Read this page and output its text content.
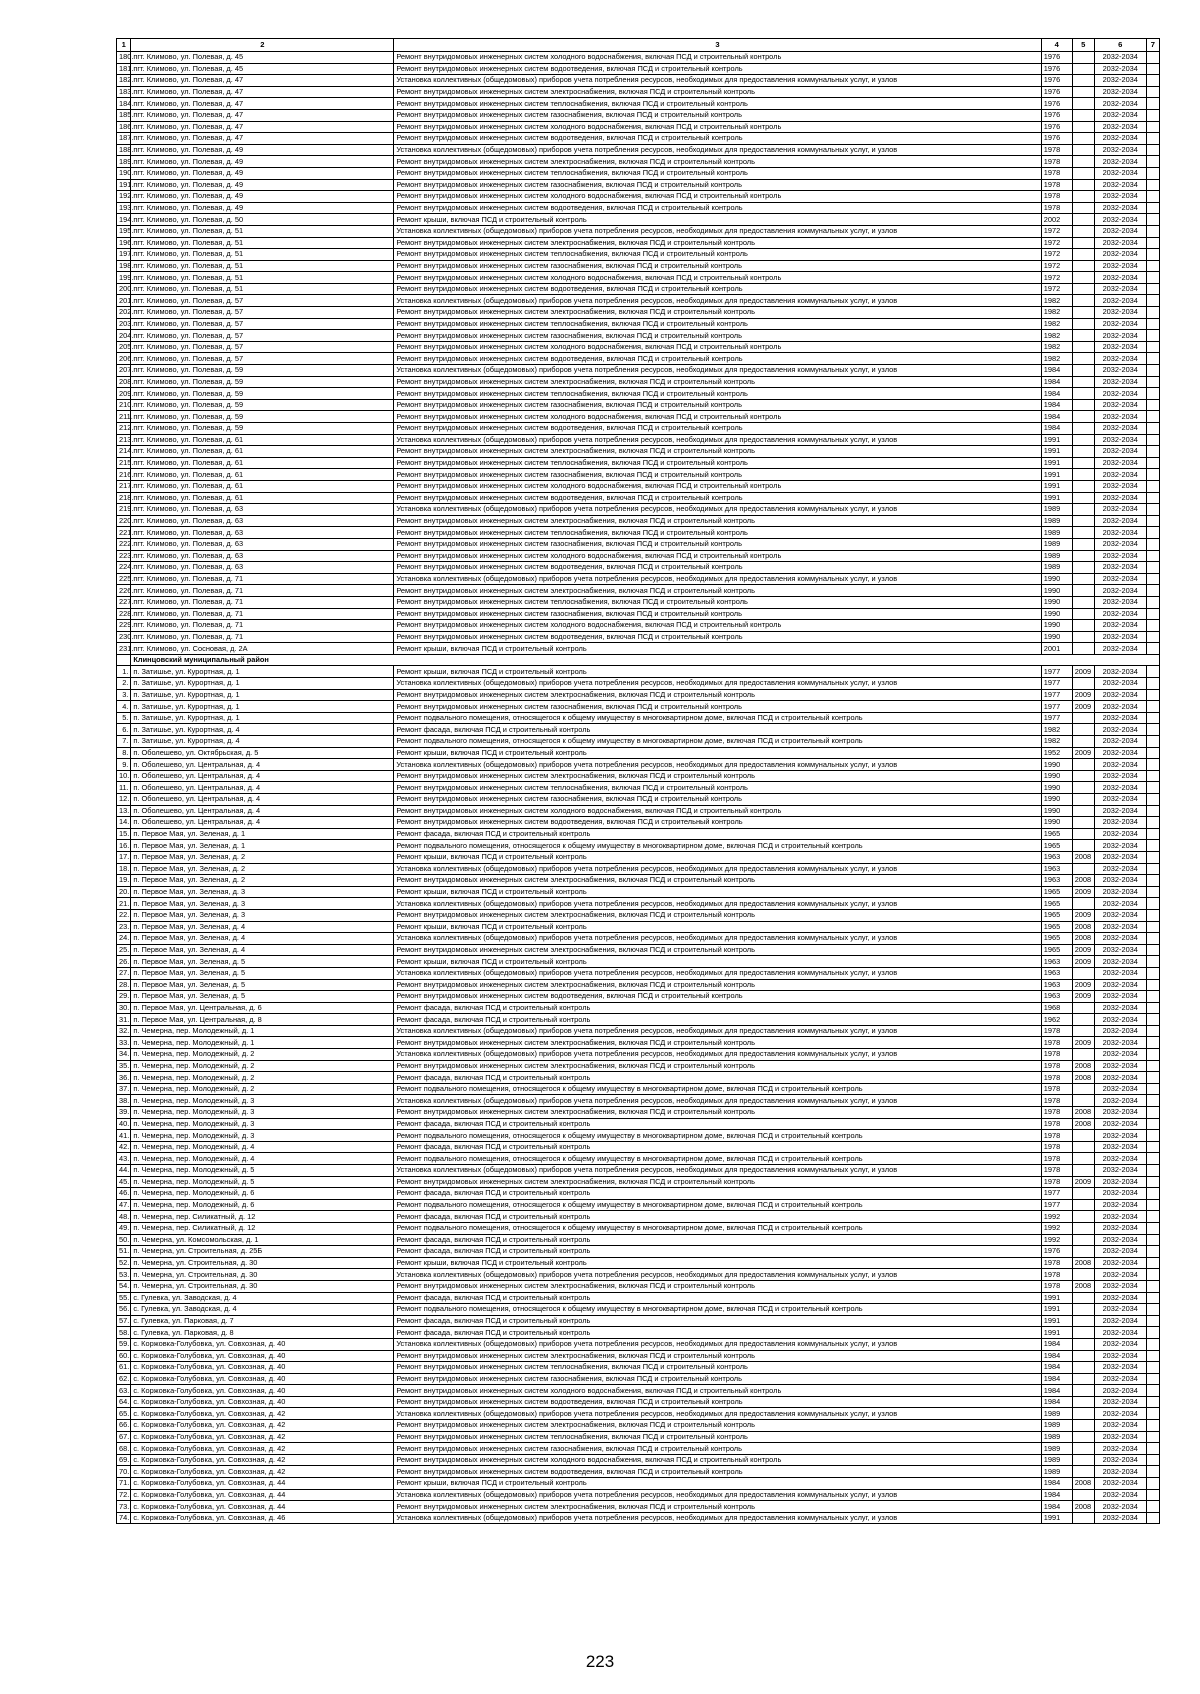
1	2	3	4	5	6	7
180.	пгт. Климово, ул. Полевая, д. 45	Ремонт внутридомовых инженерных систем холодного водоснабжения, включая ПСД и строительный контроль	1976		2032-2034	
181.	пгт. Климово, ул. Полевая, д. 45	Ремонт внутридомовых инженерных систем водоотведения, включая ПСД и строительный контроль	1976		2032-2034	
182.	пгт. Климово, ул. Полевая, д. 47	Установка коллективных (общедомовых) приборов учета потребления ресурсов, необходимых для предоставления коммунальных услуг, и узлов	1976		2032-2034	
183.	пгт. Климово, ул. Полевая, д. 47	Ремонт внутридомовых инженерных систем электроснабжения, включая ПСД и строительный контроль	1976		2032-2034	
184.	пгт. Климово, ул. Полевая, д. 47	Ремонт внутридомовых инженерных систем теплоснабжения, включая ПСД и строительный контроль	1976		2032-2034	
185.	пгт. Климово, ул. Полевая, д. 47	Ремонт внутридомовых инженерных систем газоснабжения, включая ПСД и строительный контроль	1976		2032-2034	
186.	пгт. Климово, ул. Полевая, д. 47	Ремонт внутридомовых инженерных систем холодного водоснабжения, включая ПСД и строительный контроль	1976		2032-2034	
187.	пгт. Климово, ул. Полевая, д. 47	Ремонт внутридомовых инженерных систем водоотведения, включая ПСД и строительный контроль	1976		2032-2034	
188.	пгт. Климово, ул. Полевая, д. 49	Установка коллективных (общедомовых) приборов учета потребления ресурсов, необходимых для предоставления коммунальных услуг, и узлов	1978		2032-2034	
189.	пгт. Климово, ул. Полевая, д. 49	Ремонт внутридомовых инженерных систем электроснабжения, включая ПСД и строительный контроль	1978		2032-2034	
190.	пгт. Климово, ул. Полевая, д. 49	Ремонт внутридомовых инженерных систем теплоснабжения, включая ПСД и строительный контроль	1978		2032-2034	
191.	пгт. Климово, ул. Полевая, д. 49	Ремонт внутридомовых инженерных систем газоснабжения, включая ПСД и строительный контроль	1978		2032-2034	
192.	пгт. Климово, ул. Полевая, д. 49	Ремонт внутридомовых инженерных систем холодного водоснабжения, включая ПСД и строительный контроль	1978		2032-2034	
193.	пгт. Климово, ул. Полевая, д. 49	Ремонт внутридомовых инженерных систем водоотведения, включая ПСД и строительный контроль	1978		2032-2034	
194.	пгт. Климово, ул. Полевая, д. 50	Ремонт крыши, включая ПСД и строительный контроль	2002		2032-2034	
195.	пгт. Климово, ул. Полевая, д. 51	Установка коллективных (общедомовых) приборов учета потребления ресурсов, необходимых для предоставления коммунальных услуг, и узлов	1972		2032-2034	
196.	пгт. Климово, ул. Полевая, д. 51	Ремонт внутридомовых инженерных систем электроснабжения, включая ПСД и строительный контроль	1972		2032-2034	
197.	пгт. Климово, ул. Полевая, д. 51	Ремонт внутридомовых инженерных систем теплоснабжения, включая ПСД и строительный контроль	1972		2032-2034	
198.	пгт. Климово, ул. Полевая, д. 51	Ремонт внутридомовых инженерных систем газоснабжения, включая ПСД и строительный контроль	1972		2032-2034	
199.	пгт. Климово, ул. Полевая, д. 51	Ремонт внутридомовых инженерных систем холодного водоснабжения, включая ПСД и строительный контроль	1972		2032-2034	
200.	пгт. Климово, ул. Полевая, д. 51	Ремонт внутридомовых инженерных систем водоотведения, включая ПСД и строительный контроль	1972		2032-2034	
201.	пгт. Климово, ул. Полевая, д. 57	Установка коллективных (общедомовых) приборов учета потребления ресурсов, необходимых для предоставления коммунальных услуг, и узлов	1982		2032-2034	
202.	пгт. Климово, ул. Полевая, д. 57	Ремонт внутридомовых инженерных систем электроснабжения, включая ПСД и строительный контроль	1982		2032-2034	
203.	пгт. Климово, ул. Полевая, д. 57	Ремонт внутридомовых инженерных систем теплоснабжения, включая ПСД и строительный контроль	1982		2032-2034	
204.	пгт. Климово, ул. Полевая, д. 57	Ремонт внутридомовых инженерных систем газоснабжения, включая ПСД и строительный контроль	1982		2032-2034	
205.	пгт. Климово, ул. Полевая, д. 57	Ремонт внутридомовых инженерных систем холодного водоснабжения, включая ПСД и строительный контроль	1982		2032-2034	
206.	пгт. Климово, ул. Полевая, д. 57	Ремонт внутридомовых инженерных систем водоотведения, включая ПСД и строительный контроль	1982		2032-2034	
207.	пгт. Климово, ул. Полевая, д. 59	Установка коллективных (общедомовых) приборов учета потребления ресурсов, необходимых для предоставления коммунальных услуг, и узлов	1984		2032-2034	
208.	пгт. Климово, ул. Полевая, д. 59	Ремонт внутридомовых инженерных систем электроснабжения, включая ПСД и строительный контроль	1984		2032-2034	
209.	пгт. Климово, ул. Полевая, д. 59	Ремонт внутридомовых инженерных систем теплоснабжения, включая ПСД и строительный контроль	1984		2032-2034	
210.	пгт. Климово, ул. Полевая, д. 59	Ремонт внутридомовых инженерных систем газоснабжения, включая ПСД и строительный контроль	1984		2032-2034	
211.	пгт. Климово, ул. Полевая, д. 59	Ремонт внутридомовых инженерных систем холодного водоснабжения, включая ПСД и строительный контроль	1984		2032-2034	
212.	пгт. Климово, ул. Полевая, д. 59	Ремонт внутридомовых инженерных систем водоотведения, включая ПСД и строительный контроль	1984		2032-2034	
213.	пгт. Климово, ул. Полевая, д. 61	Установка коллективных (общедомовых) приборов учета потребления ресурсов, необходимых для предоставления коммунальных услуг, и узлов	1991		2032-2034	
214.	пгт. Климово, ул. Полевая, д. 61	Ремонт внутридомовых инженерных систем электроснабжения, включая ПСД и строительный контроль	1991		2032-2034	
215.	пгт. Климово, ул. Полевая, д. 61	Ремонт внутридомовых инженерных систем теплоснабжения, включая ПСД и строительный контроль	1991		2032-2034	
216.	пгт. Климово, ул. Полевая, д. 61	Ремонт внутридомовых инженерных систем газоснабжения, включая ПСД и строительный контроль	1991		2032-2034	
217.	пгт. Климово, ул. Полевая, д. 61	Ремонт внутридомовых инженерных систем холодного водоснабжения, включая ПСД и строительный контроль	1991		2032-2034	
218.	пгт. Климово, ул. Полевая, д. 61	Ремонт внутридомовых инженерных систем водоотведения, включая ПСД и строительный контроль	1991		2032-2034	
219.	пгт. Климово, ул. Полевая, д. 63	Установка коллективных (общедомовых) приборов учета потребления ресурсов, необходимых для предоставления коммунальных услуг, и узлов	1989		2032-2034	
220.	пгт. Климово, ул. Полевая, д. 63	Ремонт внутридомовых инженерных систем электроснабжения, включая ПСД и строительный контроль	1989		2032-2034	
221.	пгт. Климово, ул. Полевая, д. 63	Ремонт внутридомовых инженерных систем теплоснабжения, включая ПСД и строительный контроль	1989		2032-2034	
222.	пгт. Климово, ул. Полевая, д. 63	Ремонт внутридомовых инженерных систем газоснабжения, включая ПСД и строительный контроль	1989		2032-2034	
223.	пгт. Климово, ул. Полевая, д. 63	Ремонт внутридомовых инженерных систем холодного водоснабжения, включая ПСД и строительный контроль	1989		2032-2034	
224.	пгт. Климово, ул. Полевая, д. 63	Ремонт внутридомовых инженерных систем водоотведения, включая ПСД и строительный контроль	1989		2032-2034	
225.	пгт. Климово, ул. Полевая, д. 71	Установка коллективных (общедомовых) приборов учета потребления ресурсов, необходимых для предоставления коммунальных услуг, и узлов	1990		2032-2034	
226.	пгт. Климово, ул. Полевая, д. 71	Ремонт внутридомовых инженерных систем электроснабжения, включая ПСД и строительный контроль	1990		2032-2034	
227.	пгт. Климово, ул. Полевая, д. 71	Ремонт внутридомовых инженерных систем теплоснабжения, включая ПСД и строительный контроль	1990		2032-2034	
228.	пгт. Климово, ул. Полевая, д. 71	Ремонт внутридомовых инженерных систем газоснабжения, включая ПСД и строительный контроль	1990		2032-2034	
229.	пгт. Климово, ул. Полевая, д. 71	Ремонт внутридомовых инженерных систем холодного водоснабжения, включая ПСД и строительный контроль	1990		2032-2034	
230.	пгт. Климово, ул. Полевая, д. 71	Ремонт внутридомовых инженерных систем водоотведения, включая ПСД и строительный контроль	1990		2032-2034	
231.	пгт. Климово, ул. Сосновая, д. 2А	Ремонт крыши, включая ПСД и строительный контроль	2001		2032-2034	
	Клинцовский муниципальный район					
1.	п. Затишье, ул. Курортная, д. 1	Ремонт крыши, включая ПСД и строительный контроль	1977	2009	2032-2034	
2.	п. Затишье, ул. Курортная, д. 1	Установка коллективных (общедомовых) приборов учета потребления ресурсов, необходимых для предоставления коммунальных услуг, и узлов	1977		2032-2034	
3.	п. Затишье, ул. Курортная, д. 1	Ремонт внутридомовых инженерных систем электроснабжения, включая ПСД и строительный контроль	1977	2009	2032-2034	
4.	п. Затишье, ул. Курортная, д. 1	Ремонт внутридомовых инженерных систем газоснабжения, включая ПСД и строительный контроль	1977	2009	2032-2034	
5.	п. Затишье, ул. Курортная, д. 1	Ремонт подвального помещения, относящегося к общему имуществу в многоквартирном доме, включая ПСД и строительный контроль	1977		2032-2034	
6.	п. Затишье, ул. Курортная, д. 4	Ремонт фасада, включая ПСД и строительный контроль	1982		2032-2034	
7.	п. Затишье, ул. Курортная, д. 4	Ремонт подвального помещения, относящегося к общему имуществу в многоквартирном доме, включая ПСД и строительный контроль	1982		2032-2034	
8.	п. Оболешево, ул. Октябрьская, д. 5	Ремонт крыши, включая ПСД и строительный контроль	1952	2009	2032-2034	
9.	п. Оболешево, ул. Центральная, д. 4	Установка коллективных (общедомовых) приборов учета потребления ресурсов, необходимых для предоставления коммунальных услуг, и узлов	1990		2032-2034	
10.	п. Оболешево, ул. Центральная, д. 4	Ремонт внутридомовых инженерных систем электроснабжения, включая ПСД и строительный контроль	1990		2032-2034	
11.	п. Оболешево, ул. Центральная, д. 4	Ремонт внутридомовых инженерных систем теплоснабжения, включая ПСД и строительный контроль	1990		2032-2034	
12.	п. Оболешево, ул. Центральная, д. 4	Ремонт внутридомовых инженерных систем газоснабжения, включая ПСД и строительный контроль	1990		2032-2034	
13.	п. Оболешево, ул. Центральная, д. 4	Ремонт внутридомовых инженерных систем холодного водоснабжения, включая ПСД и строительный контроль	1990		2032-2034	
14.	п. Оболешево, ул. Центральная, д. 4	Ремонт внутридомовых инженерных систем водоотведения, включая ПСД и строительный контроль	1990		2032-2034	
15.	п. Первое Мая, ул. Зеленая, д. 1	Ремонт фасада, включая ПСД и строительный контроль	1965		2032-2034	
16.	п. Первое Мая, ул. Зеленая, д. 1	Ремонт подвального помещения, относящегося к общему имуществу в многоквартирном доме, включая ПСД и строительный контроль	1965		2032-2034	
17.	п. Первое Мая, ул. Зеленая, д. 2	Ремонт крыши, включая ПСД и строительный контроль	1963	2008	2032-2034	
18.	п. Первое Мая, ул. Зеленая, д. 2	Установка коллективных (общедомовых) приборов учета потребления ресурсов, необходимых для предоставления коммунальных услуг, и узлов	1963		2032-2034	
19.	п. Первое Мая, ул. Зеленая, д. 2	Ремонт внутридомовых инженерных систем электроснабжения, включая ПСД и строительный контроль	1963	2008	2032-2034	
20.	п. Первое Мая, ул. Зеленая, д. 3	Ремонт крыши, включая ПСД и строительный контроль	1965	2009	2032-2034	
21.	п. Первое Мая, ул. Зеленая, д. 3	Установка коллективных (общедомовых) приборов учета потребления ресурсов, необходимых для предоставления коммунальных услуг, и узлов	1965		2032-2034	
22.	п. Первое Мая, ул. Зеленая, д. 3	Ремонт внутридомовых инженерных систем электроснабжения, включая ПСД и строительный контроль	1965	2009	2032-2034	
23.	п. Первое Мая, ул. Зеленая, д. 4	Ремонт крыши, включая ПСД и строительный контроль	1965	2008	2032-2034	
24.	п. Первое Мая, ул. Зеленая, д. 4	Установка коллективных (общедомовых) приборов учета потребления ресурсов, необходимых для предоставления коммунальных услуг, и узлов	1965	2008	2032-2034	
25.	п. Первое Мая, ул. Зеленая, д. 4	Ремонт внутридомовых инженерных систем электроснабжения, включая ПСД и строительный контроль	1965	2009	2032-2034	
26.	п. Первое Мая, ул. Зеленая, д. 5	Ремонт крыши, включая ПСД и строительный контроль	1963	2009	2032-2034	
27.	п. Первое Мая, ул. Зеленая, д. 5	Установка коллективных (общедомовых) приборов учета потребления ресурсов, необходимых для предоставления коммунальных услуг, и узлов	1963		2032-2034	
28.	п. Первое Мая, ул. Зеленая, д. 5	Ремонт внутридомовых инженерных систем электроснабжения, включая ПСД и строительный контроль	1963	2009	2032-2034	
29.	п. Первое Мая, ул. Зеленая, д. 5	Ремонт внутридомовых инженерных систем водоотведения, включая ПСД и строительный контроль	1963	2009	2032-2034	
30.	п. Первое Мая, ул. Центральная, д. 6	Ремонт фасада, включая ПСД и строительный контроль	1968		2032-2034	
31.	п. Первое Мая, ул. Центральная, д. 8	Ремонт фасада, включая ПСД и строительный контроль	1962		2032-2034	
32.	п. Чемерна, пер. Молодежный, д. 1	Установка коллективных (общедомовых) приборов учета потребления ресурсов, необходимых для предоставления коммунальных услуг, и узлов	1978		2032-2034	
33.	п. Чемерна, пер. Молодежный, д. 1	Ремонт внутридомовых инженерных систем электроснабжения, включая ПСД и строительный контроль	1978	2009	2032-2034	
34.	п. Чемерна, пер. Молодежный, д. 2	Установка коллективных (общедомовых) приборов учета потребления ресурсов, необходимых для предоставления коммунальных услуг, и узлов	1978		2032-2034	
35.	п. Чемерна, пер. Молодежный, д. 2	Ремонт внутридомовых инженерных систем электроснабжения, включая ПСД и строительный контроль	1978	2008	2032-2034	
36.	п. Чемерна, пер. Молодежный, д. 2	Ремонт фасада, включая ПСД и строительный контроль	1978	2008	2032-2034	
37.	п. Чемерна, пер. Молодежный, д. 2	Ремонт подвального помещения, относящегося к общему имуществу в многоквартирном доме, включая ПСД и строительный контроль	1978		2032-2034	
38.	п. Чемерна, пер. Молодежный, д. 3	Установка коллективных (общедомовых) приборов учета потребления ресурсов, необходимых для предоставления коммунальных услуг, и узлов	1978		2032-2034	
39.	п. Чемерна, пер. Молодежный, д. 3	Ремонт внутридомовых инженерных систем электроснабжения, включая ПСД и строительный контроль	1978	2008	2032-2034	
40.	п. Чемерна, пер. Молодежный, д. 3	Ремонт фасада, включая ПСД и строительный контроль	1978	2008	2032-2034	
41.	п. Чемерна, пер. Молодежный, д. 3	Ремонт подвального помещения, относящегося к общему имуществу в многоквартирном доме, включая ПСД и строительный контроль	1978		2032-2034	
42.	п. Чемерна, пер. Молодежный, д. 4	Ремонт фасада, включая ПСД и строительный контроль	1978		2032-2034	
43.	п. Чемерна, пер. Молодежный, д. 4	Ремонт подвального помещения, относящегося к общему имуществу в многоквартирном доме, включая ПСД и строительный контроль	1978		2032-2034	
44.	п. Чемерна, пер. Молодежный, д. 5	Установка коллективных (общедомовых) приборов учета потребления ресурсов, необходимых для предоставления коммунальных услуг, и узлов	1978		2032-2034	
45.	п. Чемерна, пер. Молодежный, д. 5	Ремонт внутридомовых инженерных систем электроснабжения, включая ПСД и строительный контроль	1978	2009	2032-2034	
46.	п. Чемерна, пер. Молодежный, д. 6	Ремонт фасада, включая ПСД и строительный контроль	1977		2032-2034	
47.	п. Чемерна, пер. Молодежный, д. 6	Ремонт подвального помещения, относящегося к общему имуществу в многоквартирном доме, включая ПСД и строительный контроль	1977		2032-2034	
48.	п. Чемерна, пер. Силикатный, д. 12	Ремонт фасада, включая ПСД и строительный контроль	1992		2032-2034	
49.	п. Чемерна, пер. Силикатный, д. 12	Ремонт подвального помещения, относящегося к общему имуществу в многоквартирном доме, включая ПСД и строительный контроль	1992		2032-2034	
50.	п. Чемерна, ул. Комсомольская, д. 1	Ремонт фасада, включая ПСД и строительный контроль	1992		2032-2034	
51.	п. Чемерна, ул. Строительная, д. 25Б	Ремонт фасада, включая ПСД и строительный контроль	1976		2032-2034	
52.	п. Чемерна, ул. Строительная, д. 30	Ремонт крыши, включая ПСД и строительный контроль	1978	2008	2032-2034	
53.	п. Чемерна, ул. Строительная, д. 30	Установка коллективных (общедомовых) приборов учета потребления ресурсов, необходимых для предоставления коммунальных услуг, и узлов	1978		2032-2034	
54.	п. Чемерна, ул. Строительная, д. 30	Ремонт внутридомовых инженерных систем электроснабжения, включая ПСД и строительный контроль	1978	2008	2032-2034	
55.	с. Гулевка, ул. Заводская, д. 4	Ремонт фасада, включая ПСД и строительный контроль	1991		2032-2034	
56.	с. Гулевка, ул. Заводская, д. 4	Ремонт подвального помещения, относящегося к общему имуществу в многоквартирном доме, включая ПСД и строительный контроль	1991		2032-2034	
57.	с. Гулевка, ул. Парковая, д. 7	Ремонт фасада, включая ПСД и строительный контроль	1991		2032-2034	
58.	с. Гулевка, ул. Парковая, д. 8	Ремонт фасада, включая ПСД и строительный контроль	1991		2032-2034	
59.	с. Коржовка-Голубовка, ул. Совхозная, д. 40	Установка коллективных (общедомовых) приборов учета потребления ресурсов, необходимых для предоставления коммунальных услуг, и узлов	1984		2032-2034	
60.	с. Коржовка-Голубовка, ул. Совхозная, д. 40	Ремонт внутридомовых инженерных систем электроснабжения, включая ПСД и строительный контроль	1984		2032-2034	
61.	с. Коржовка-Голубовка, ул. Совхозная, д. 40	Ремонт внутридомовых инженерных систем теплоснабжения, включая ПСД и строительный контроль	1984		2032-2034	
62.	с. Коржовка-Голубовка, ул. Совхозная, д. 40	Ремонт внутридомовых инженерных систем газоснабжения, включая ПСД и строительный контроль	1984		2032-2034	
63.	с. Коржовка-Голубовка, ул. Совхозная, д. 40	Ремонт внутридомовых инженерных систем холодного водоснабжения, включая ПСД и строительный контроль	1984		2032-2034	
64.	с. Коржовка-Голубовка, ул. Совхозная, д. 40	Ремонт внутридомовых инженерных систем водоотведения, включая ПСД и строительный контроль	1984		2032-2034	
65.	с. Коржовка-Голубовка, ул. Совхозная, д. 42	Установка коллективных (общедомовых) приборов учета потребления ресурсов, необходимых для предоставления коммунальных услуг, и узлов	1989		2032-2034	
66.	с. Коржовка-Голубовка, ул. Совхозная, д. 42	Ремонт внутридомовых инженерных систем электроснабжения, включая ПСД и строительный контроль	1989		2032-2034	
67.	с. Коржовка-Голубовка, ул. Совхозная, д. 42	Ремонт внутридомовых инженерных систем теплоснабжения, включая ПСД и строительный контроль	1989		2032-2034	
68.	с. Коржовка-Голубовка, ул. Совхозная, д. 42	Ремонт внутридомовых инженерных систем газоснабжения, включая ПСД и строительный контроль	1989		2032-2034	
69.	с. Коржовка-Голубовка, ул. Совхозная, д. 42	Ремонт внутридомовых инженерных систем холодного водоснабжения, включая ПСД и строительный контроль	1989		2032-2034	
70.	с. Коржовка-Голубовка, ул. Совхозная, д. 42	Ремонт внутридомовых инженерных систем водоотведения, включая ПСД и строительный контроль	1989		2032-2034	
71.	с. Коржовка-Голубовка, ул. Совхозная, д. 44	Ремонт крыши, включая ПСД и строительный контроль	1984	2008	2032-2034	
72.	с. Коржовка-Голубовка, ул. Совхозная, д. 44	Установка коллективных (общедомовых) приборов учета потребления ресурсов, необходимых для предоставления коммунальных услуг, и узлов	1984		2032-2034	
73.	с. Коржовка-Голубовка, ул. Совхозная, д. 44	Ремонт внутридомовых инженерных систем электроснабжения, включая ПСД и строительный контроль	1984	2008	2032-2034	
74.	с. Коржовка-Голубовка, ул. Совхозная, д. 46	Установка коллективных (общедомовых) приборов учета потребления ресурсов, необходимых для предоставления коммунальных услуг, и узлов	1991		2032-2034	
223
